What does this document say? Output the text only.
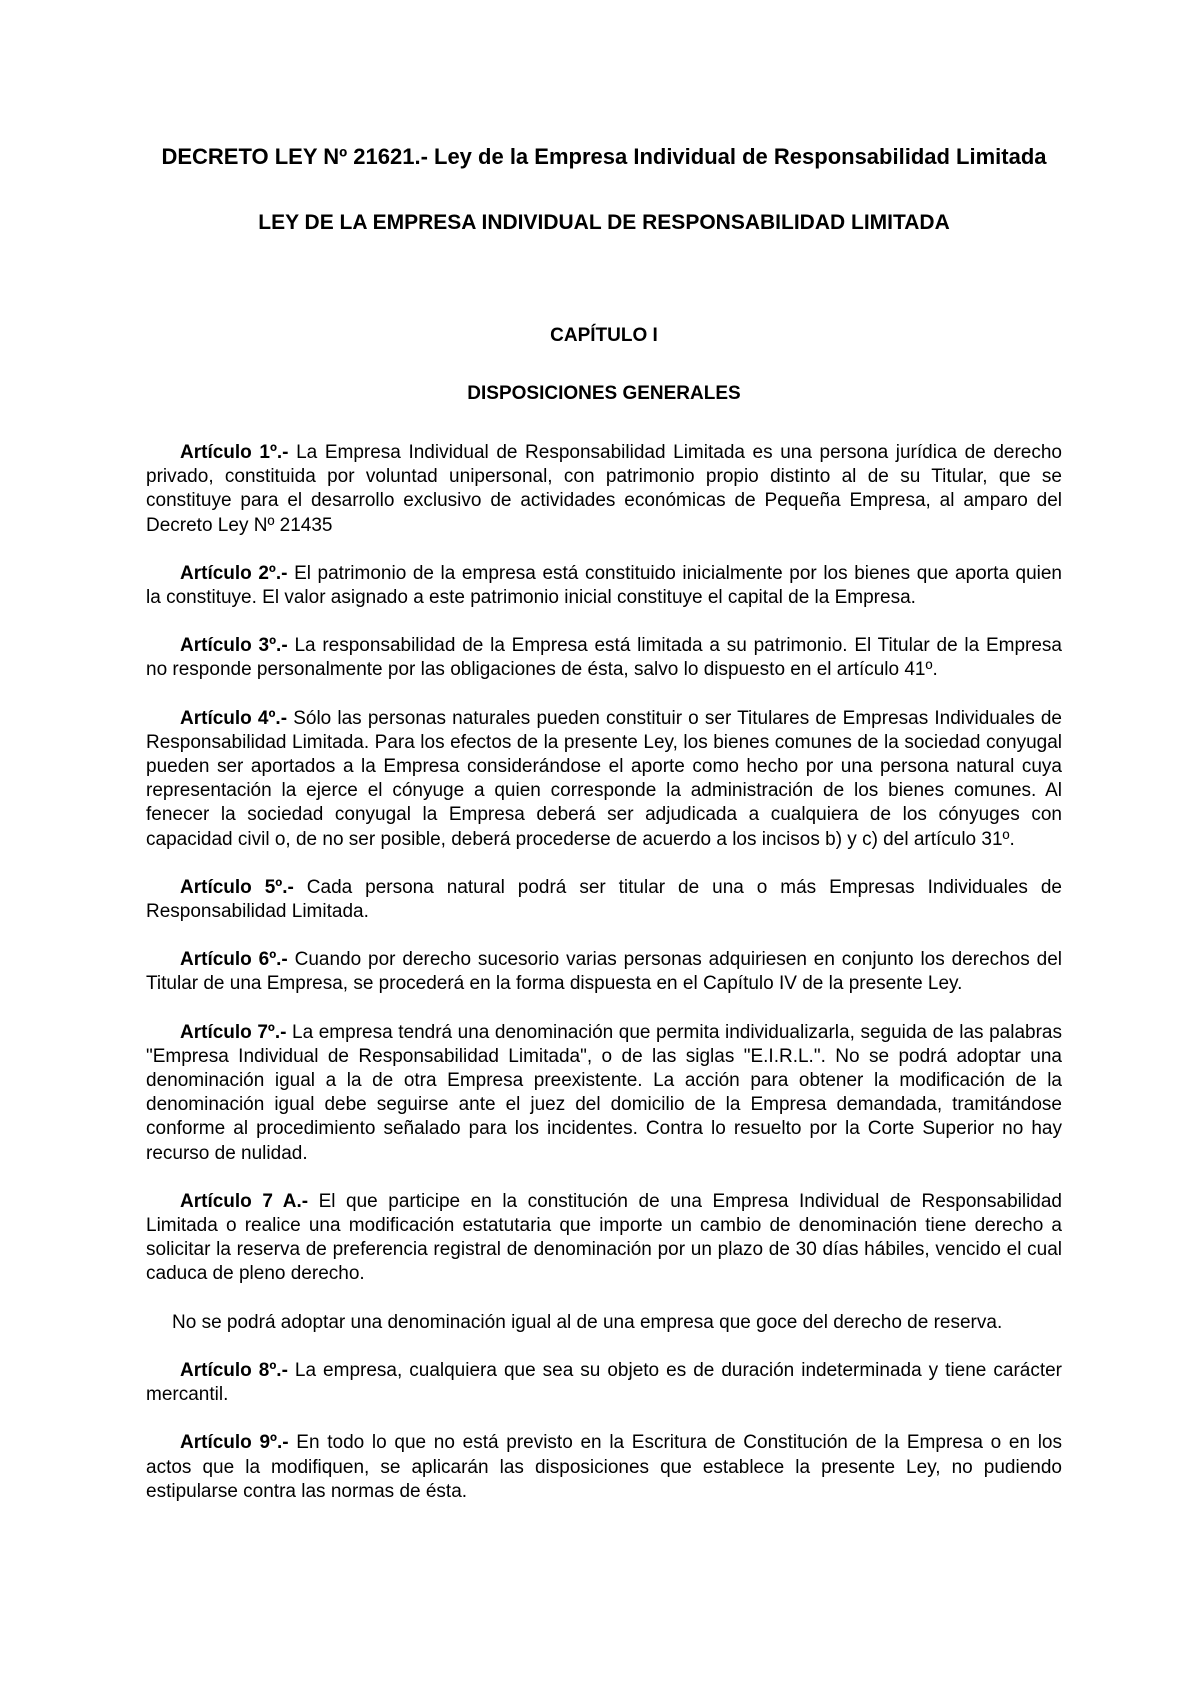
DECRETO LEY Nº 21621.- Ley de la Empresa Individual de Responsabilidad Limitada
LEY DE LA EMPRESA INDIVIDUAL DE RESPONSABILIDAD LIMITADA
CAPÍTULO I
DISPOSICIONES GENERALES

Artículo 1º.- La Empresa Individual de Responsabilidad Limitada es una persona jurídica de derecho privado, constituida por voluntad unipersonal, con patrimonio propio distinto al de su Titular, que se constituye para el desarrollo exclusivo de actividades económicas de Pequeña Empresa, al amparo del Decreto Ley Nº 21435

Artículo 2º.- El patrimonio de la empresa está constituido inicialmente por los bienes que aporta quien la constituye. El valor asignado a este patrimonio inicial constituye el capital de la Empresa.

Artículo 3º.- La responsabilidad de la Empresa está limitada a su patrimonio. El Titular de la Empresa no responde personalmente por las obligaciones de ésta, salvo lo dispuesto en el artículo 41º.

Artículo 4º.- Sólo las personas naturales pueden constituir o ser Titulares de Empresas Individuales de Responsabilidad Limitada. Para los efectos de la presente Ley, los bienes comunes de la sociedad conyugal pueden ser aportados a la Empresa considerándose el aporte como hecho por una persona natural cuya representación la ejerce el cónyuge a quien corresponde la administración de los bienes comunes. Al fenecer la sociedad conyugal la Empresa deberá ser adjudicada a cualquiera de los cónyuges con capacidad civil o, de no ser posible, deberá procederse de acuerdo a los incisos b) y c) del artículo 31º.

Artículo 5º.- Cada persona natural podrá ser titular de una o más Empresas Individuales de Responsabilidad Limitada.

Artículo 6º.- Cuando por derecho sucesorio varias personas adquiriesen en conjunto los derechos del Titular de una Empresa, se procederá en la forma dispuesta en el Capítulo IV de la presente Ley.

Artículo 7º.- La empresa tendrá una denominación que permita individualizarla, seguida de las palabras "Empresa Individual de Responsabilidad Limitada", o de las siglas "E.I.R.L.". No se podrá adoptar una denominación igual a la de otra Empresa preexistente. La acción para obtener la modificación de la denominación igual debe seguirse ante el juez del domicilio de la Empresa demandada, tramitándose conforme al procedimiento señalado para los incidentes. Contra lo resuelto por la Corte Superior no hay recurso de nulidad.

Artículo 7 A.- El que participe en la constitución de una Empresa Individual de Responsabilidad Limitada o realice una modificación estatutaria que importe un cambio de denominación tiene derecho a solicitar la reserva de preferencia registral de denominación por un plazo de 30 días hábiles, vencido el cual caduca de pleno derecho.

No se podrá adoptar una denominación igual al de una empresa que goce del derecho de reserva.

Artículo 8º.- La empresa, cualquiera que sea su objeto es de duración indeterminada y tiene carácter mercantil.

Artículo 9º.- En todo lo que no está previsto en la Escritura de Constitución de la Empresa o en los actos que la modifiquen, se aplicarán las disposiciones que establece la presente Ley, no pudiendo estipularse contra las normas de ésta.
